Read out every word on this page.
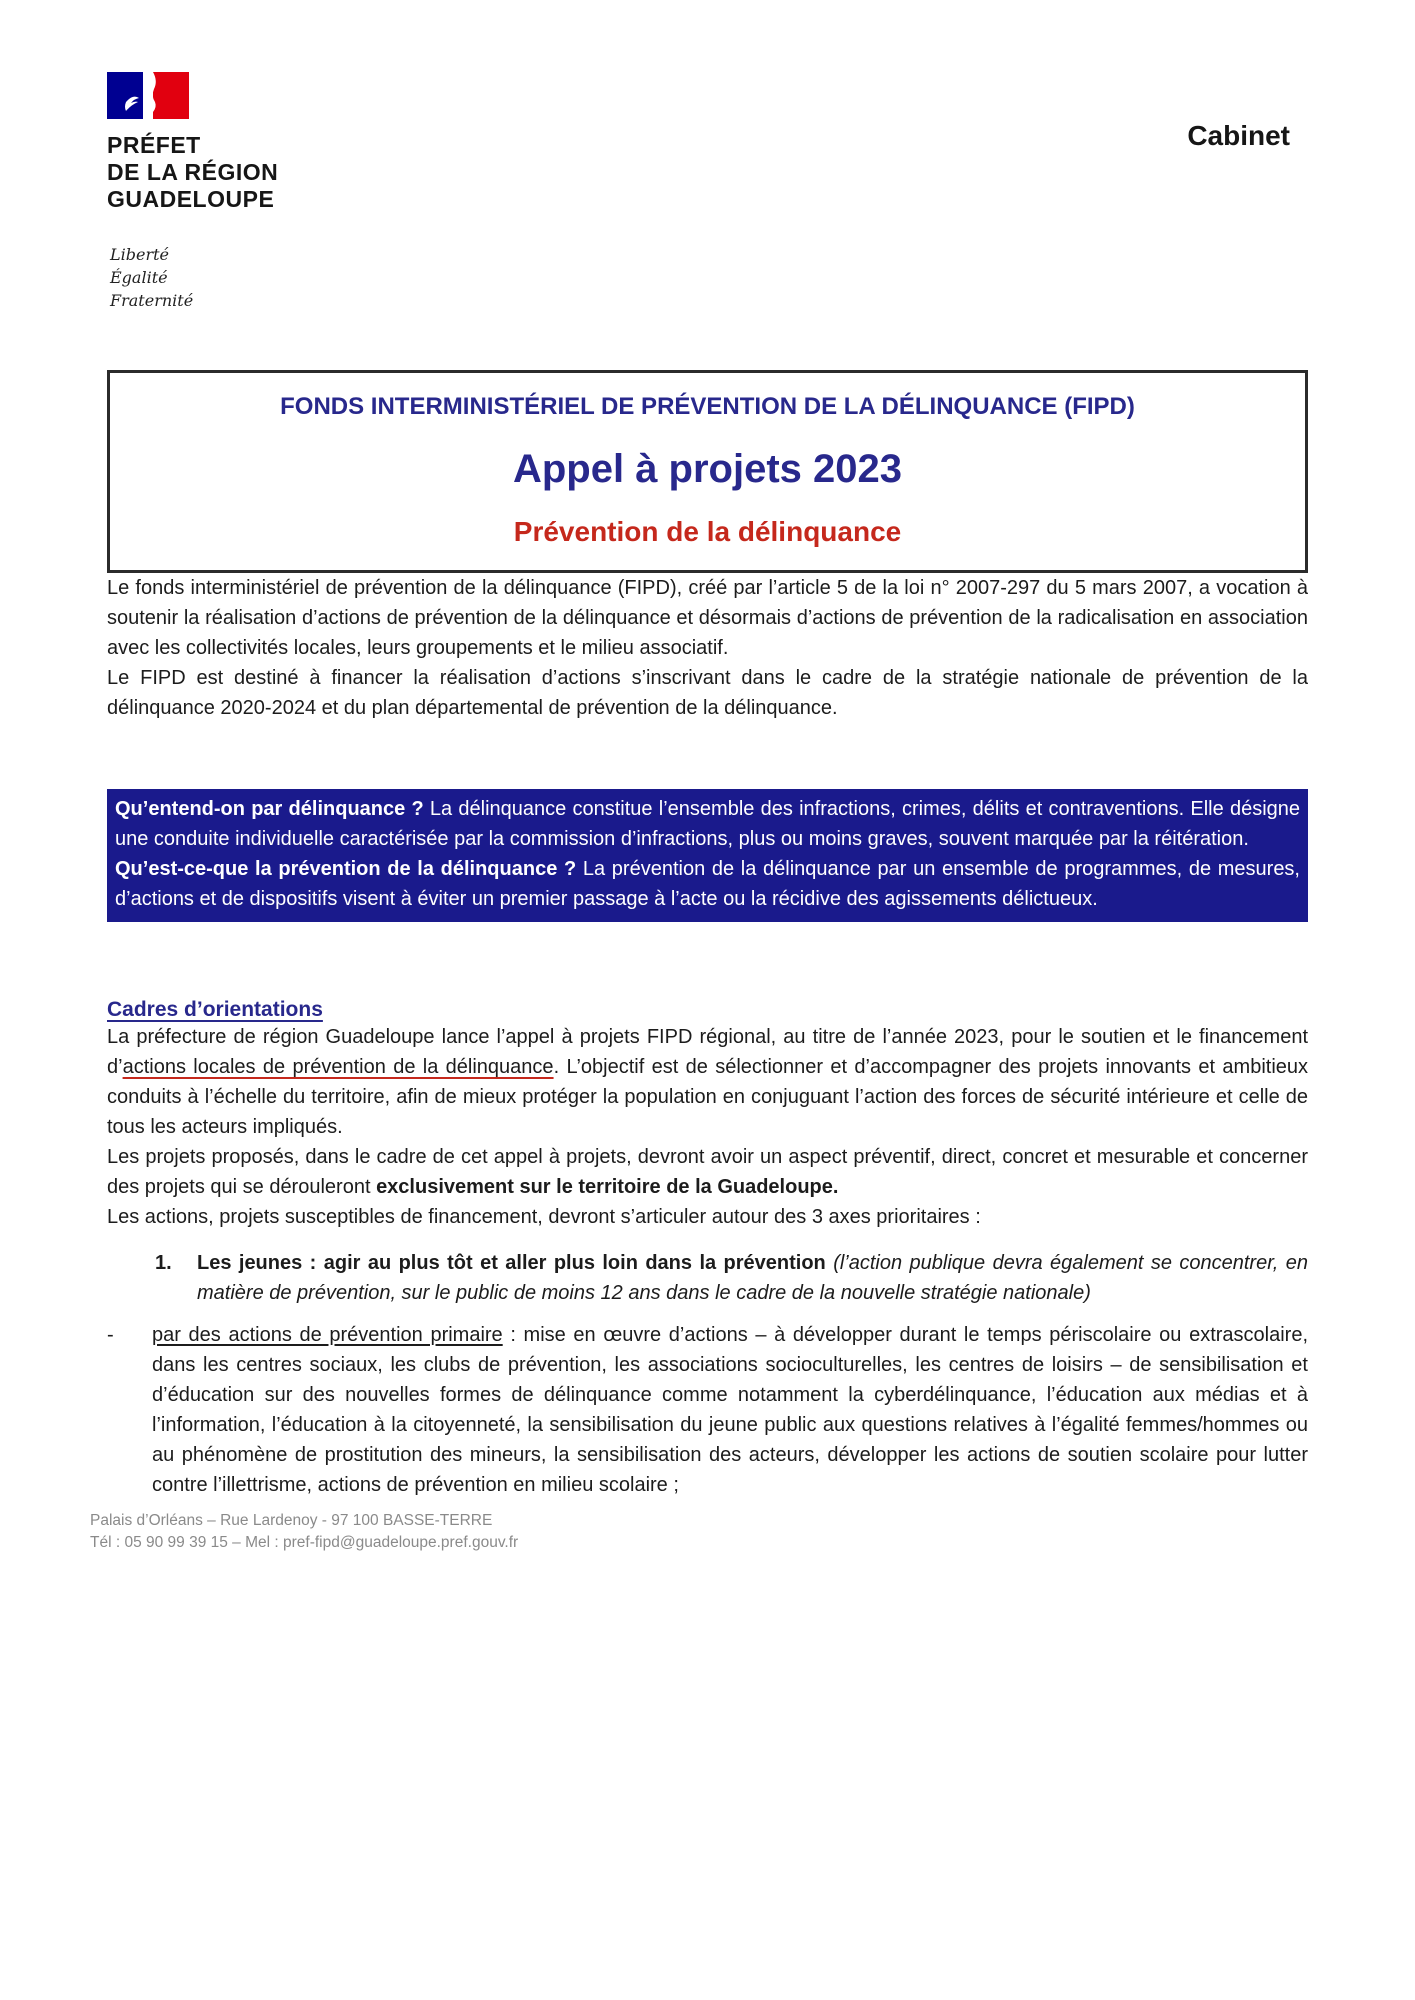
PRÉFET
DE LA RÉGION
GUADELOUPE
Liberté
Égalité
Fraternité
Cabinet
FONDS INTERMINISTÉRIEL DE PRÉVENTION DE LA DÉLINQUANCE (FIPD)
Appel à projets 2023
Prévention de la délinquance

Le fonds interministériel de prévention de la délinquance (FIPD), créé par l’article 5 de la loi n° 2007-297 du 5 mars 2007, a vocation à soutenir la réalisation d’actions de prévention de la délinquance et désormais d’actions de prévention de la radicalisation en association avec les collectivités locales, leurs groupements et le milieu associatif.

Le FIPD est destiné à financer la réalisation d’actions s’inscrivant dans le cadre de la stratégie nationale de prévention de la délinquance 2020-2024 et du plan départemental de prévention de la délinquance.

Qu’entend-on par délinquance ? La délinquance constitue l’ensemble des infractions, crimes, délits et contraventions. Elle désigne une conduite individuelle caractérisée par la commission d’infractions, plus ou moins graves, souvent marquée par la réitération.

Qu’est-ce-que la prévention de la délinquance ? La prévention de la délinquance par un ensemble de programmes, de mesures, d’actions et de dispositifs visent à éviter un premier passage à l’acte ou la récidive des agissements délictueux.

Cadres d’orientations

La préfecture de région Guadeloupe lance l’appel à projets FIPD régional, au titre de l’année 2023, pour le soutien et le financement d’actions locales de prévention de la délinquance. L’objectif est de sélectionner et d’accompagner des projets innovants et ambitieux conduits à l’échelle du territoire, afin de mieux protéger la population en conjuguant l’action des forces de sécurité intérieure et celle de tous les acteurs impliqués.

Les projets proposés, dans le cadre de cet appel à projets, devront avoir un aspect préventif, direct, concret et mesurable et concerner des projets qui se dérouleront exclusivement sur le territoire de la Guadeloupe.

Les actions, projets susceptibles de financement, devront s’articuler autour des 3 axes prioritaires :

1.	Les jeunes : agir au plus tôt et aller plus loin dans la prévention (l’action publique devra également se concentrer, en matière de prévention, sur le public de moins 12 ans dans le cadre de la nouvelle stratégie nationale)
-	par des actions de prévention primaire : mise en œuvre d’actions – à développer durant le temps périscolaire ou extrascolaire, dans les centres sociaux, les clubs de prévention, les associations socioculturelles, les centres de loisirs – de sensibilisation et d’éducation sur des nouvelles formes de délinquance comme notamment la cyberdélinquance, l’éducation aux médias et à l’information, l’éducation à la citoyenneté, la sensibilisation du jeune public aux questions relatives à l’égalité femmes/hommes ou au phénomène de prostitution des mineurs, la sensibilisation des acteurs, développer les actions de soutien scolaire pour lutter contre l’illettrisme, actions de prévention en milieu scolaire ;
Palais d’Orléans – Rue Lardenoy - 97 100 BASSE-TERRE
Tél : 05 90 99 39 15 – Mel : pref-fipd@guadeloupe.pref.gouv.fr
